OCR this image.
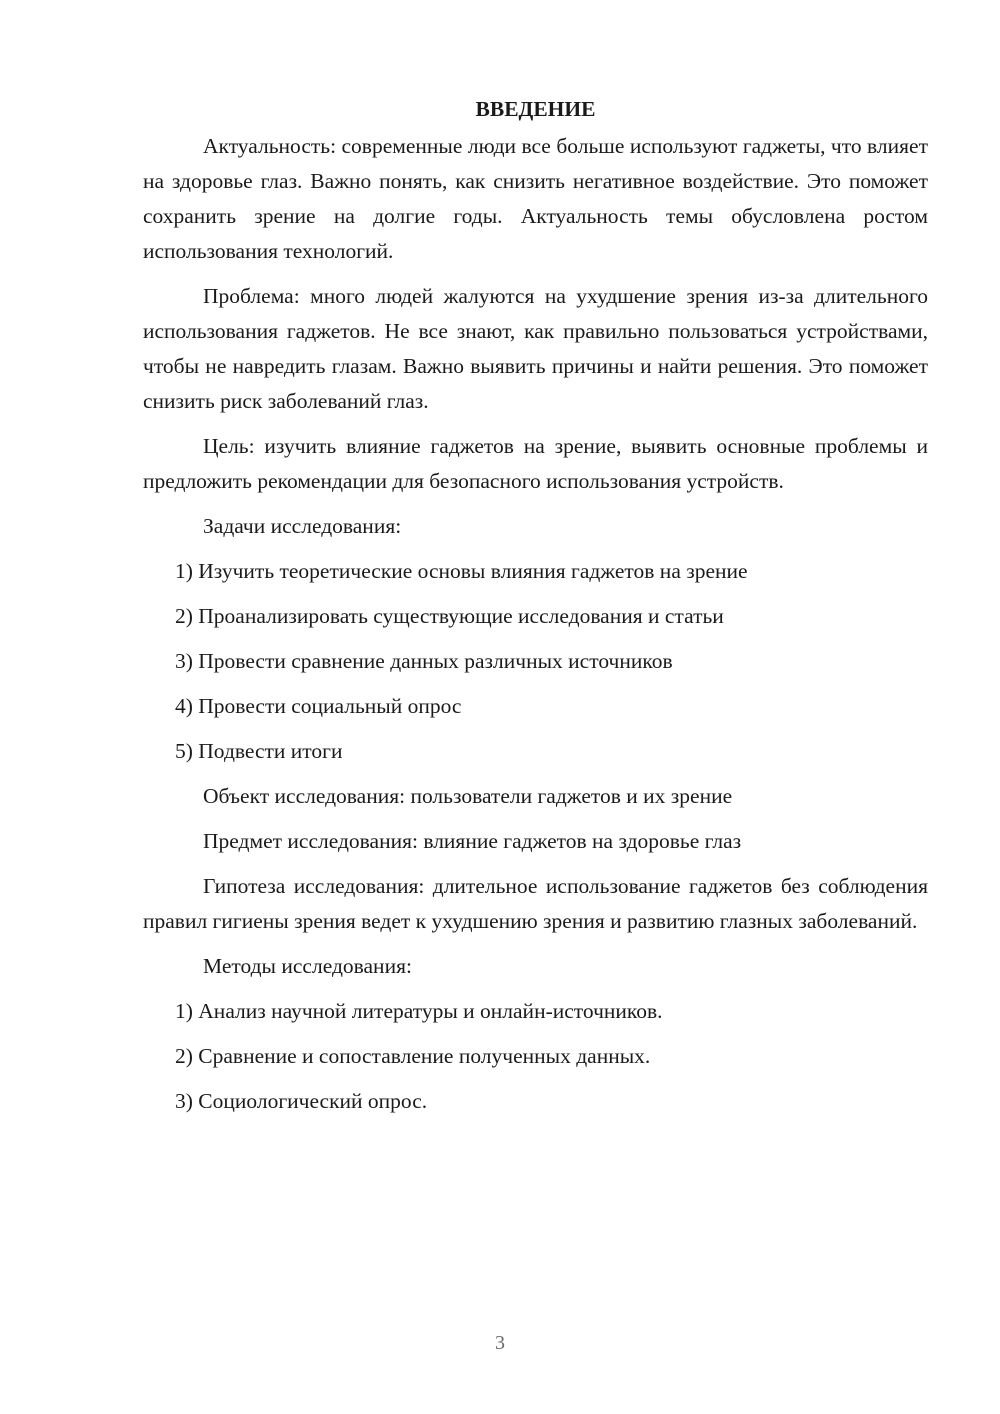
ВВЕДЕНИЕ

Актуальность: современные люди все больше используют гаджеты, что влияет на здоровье глаз. Важно понять, как снизить негативное воздействие. Это поможет сохранить зрение на долгие годы. Актуальность темы обусловлена ростом использования технологий.

Проблема: много людей жалуются на ухудшение зрения из-за длительного использования гаджетов. Не все знают, как правильно пользоваться устройствами, чтобы не навредить глазам. Важно выявить причины и найти решения. Это поможет снизить риск заболеваний глаз.

Цель: изучить влияние гаджетов на зрение, выявить основные проблемы и предложить рекомендации для безопасного использования устройств.

Задачи исследования:

1) Изучить теоретические основы влияния гаджетов на зрение

2) Проанализировать существующие исследования и статьи

3) Провести сравнение данных различных источников

4) Провести социальный опрос

5) Подвести итоги

Объект исследования: пользователи гаджетов и их зрение

Предмет исследования: влияние гаджетов на здоровье глаз

Гипотеза исследования: длительное использование гаджетов без соблюдения правил гигиены зрения ведет к ухудшению зрения и развитию глазных заболеваний.

Методы исследования:

1) Анализ научной литературы и онлайн-источников.

2) Сравнение и сопоставление полученных данных.

3) Социологический опрос.

3
